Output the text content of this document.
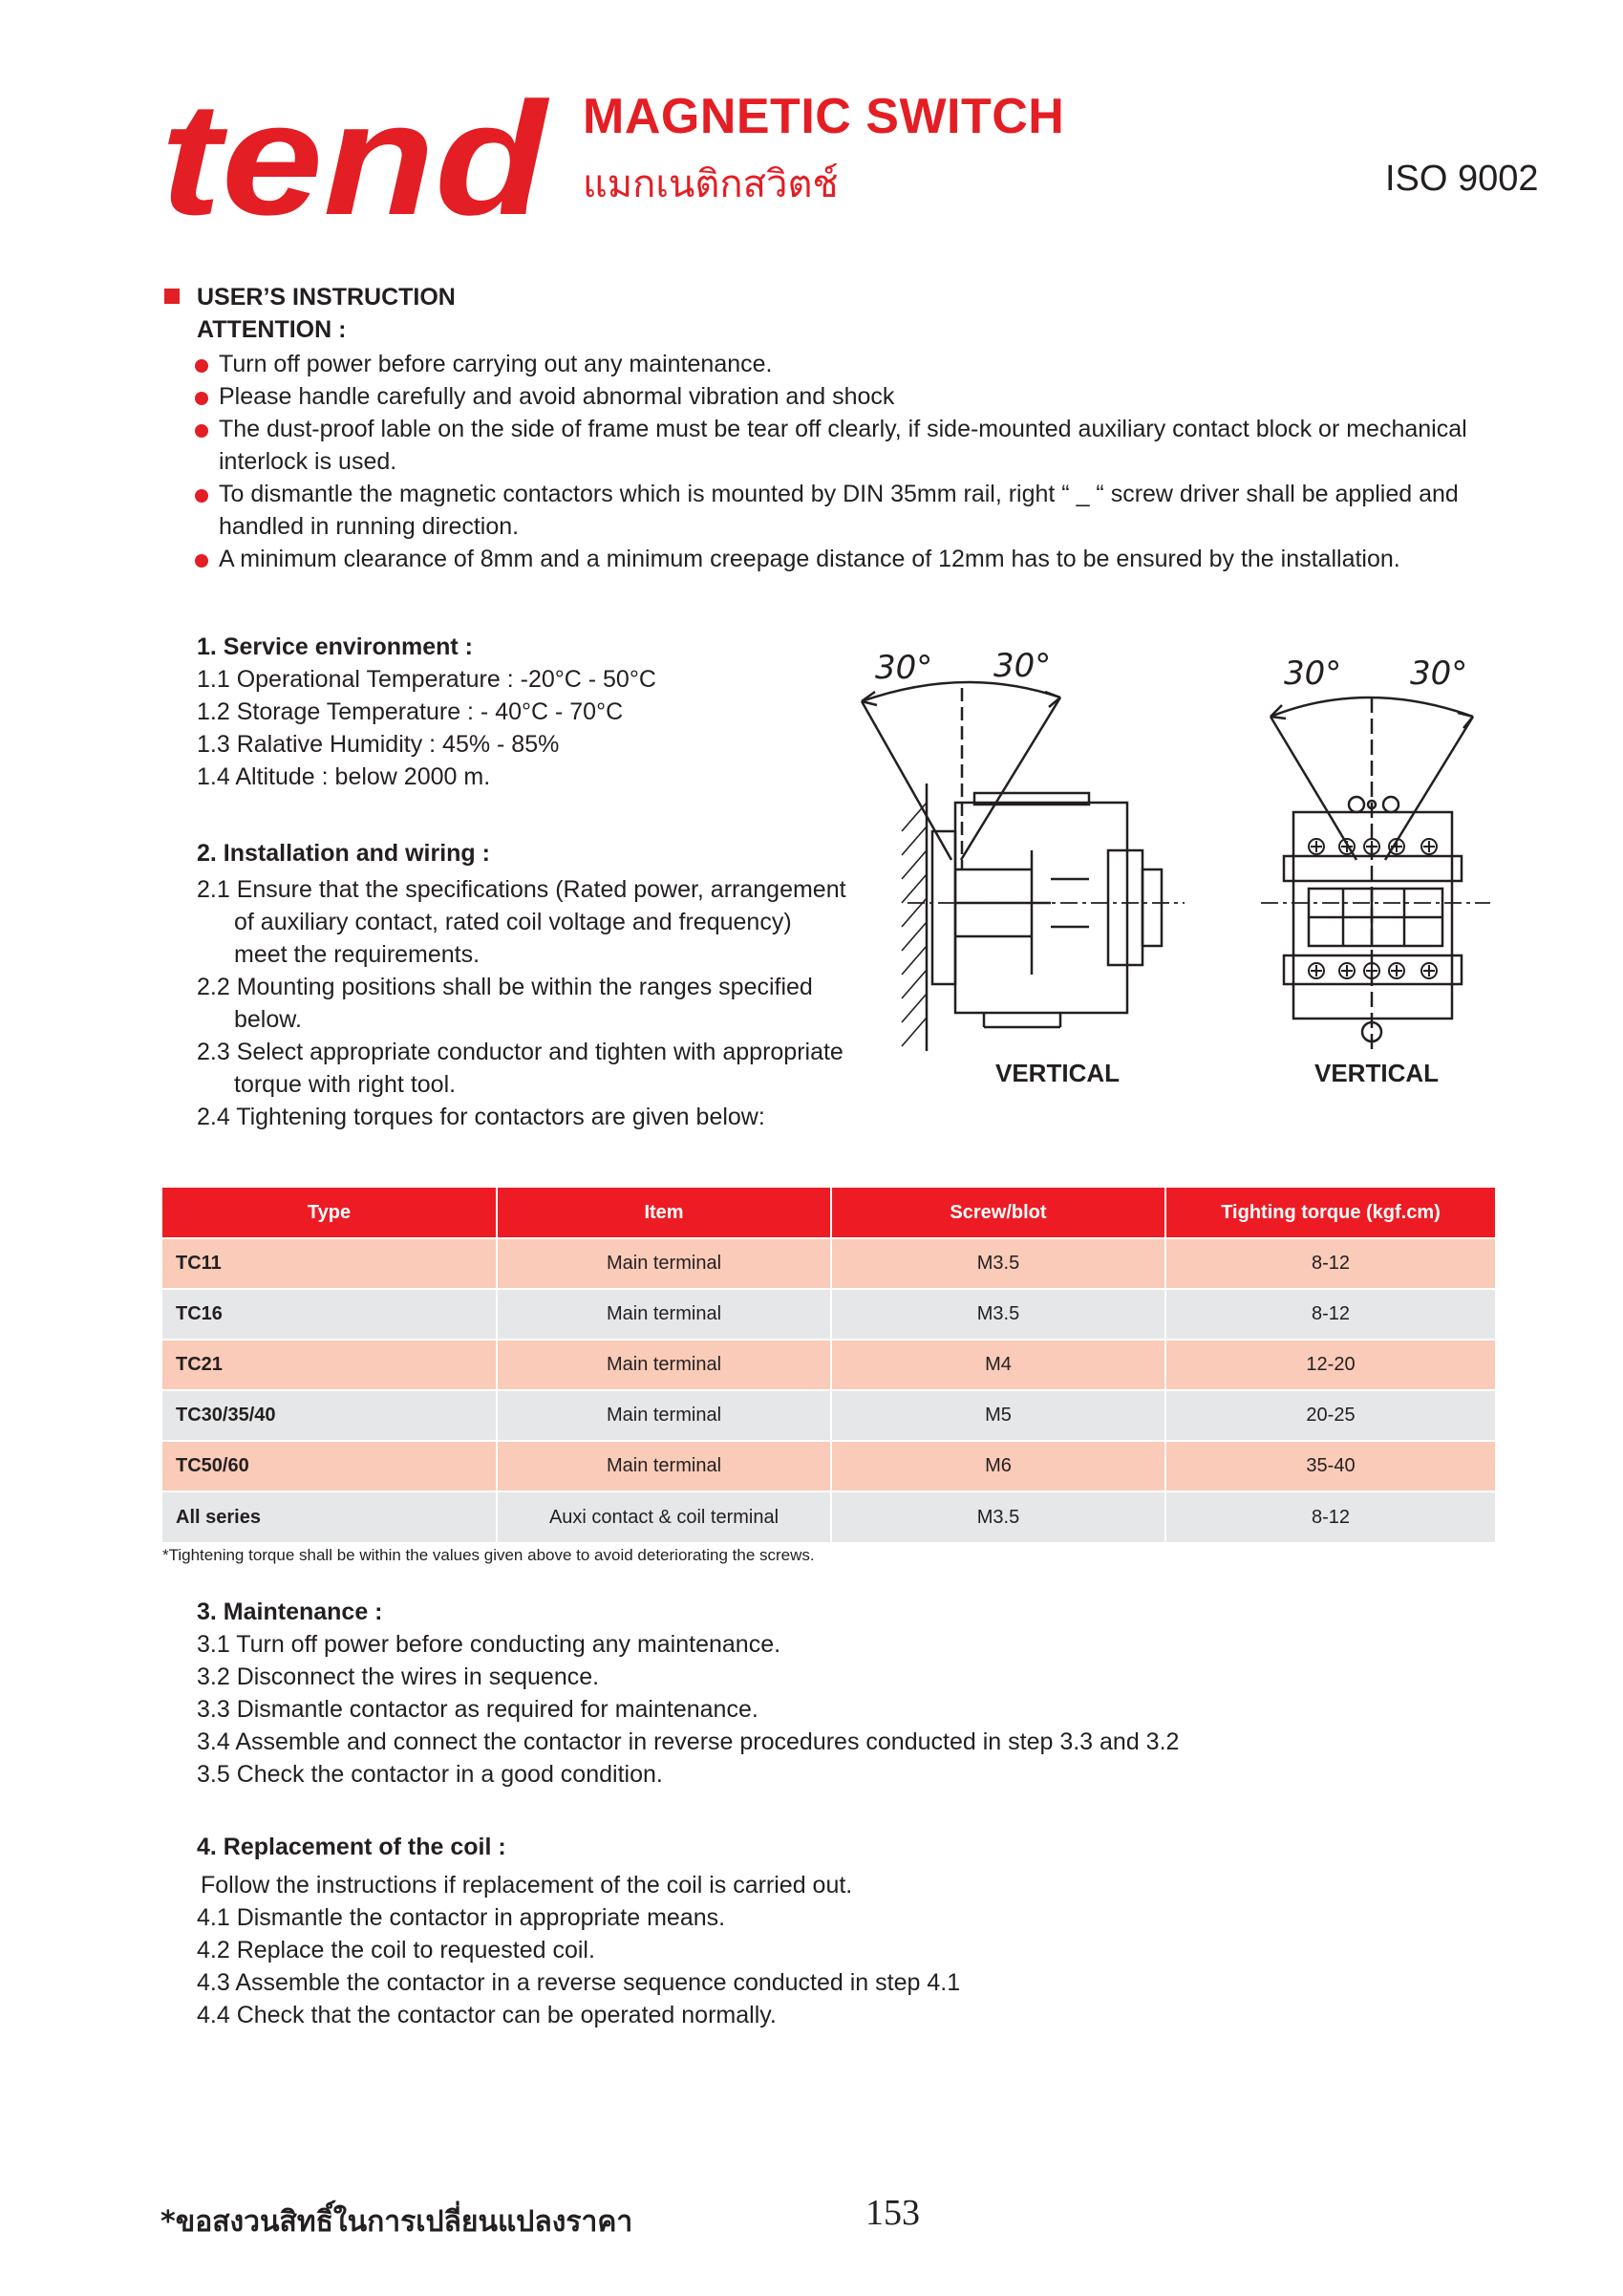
tend MAGNETIC SWITCH
แมกเนติกสวิตช์	ISO 9002
USER’S INSTRUCTION
ATTENTION :
Turn off power before carrying out any maintenance.
Please handle carefully and avoid abnormal vibration and shock
The dust-proof lable on the side of frame must be tear off clearly, if side-mounted auxiliary contact block or mechanical
interlock is used.
To dismantle the magnetic contactors which is mounted by DIN 35mm rail, right “ _ “ screw driver shall be applied and
handled in running direction.
A minimum clearance of 8mm and a minimum creepage distance of 12mm has to be ensured by the installation.
1. Service environment :
1.1 Operational Temperature : -20°C - 50°C
1.2 Storage Temperature : - 40°C - 70°C
1.3 Ralative Humidity : 45% - 85%
1.4 Altitude : below 2000 m.
2. Installation and wiring :
2.1 Ensure that the specifications (Rated power, arrangement
of auxiliary contact, rated coil voltage and frequency)
meet the requirements.
2.2 Mounting positions shall be within the ranges specified
below.
2.3 Select appropriate conductor and tighten with appropriate
torque with right tool.
2.4 Tightening torques for contactors are given below:
30° 30°
VERTICAL
30° 30°
VERTICAL
Type	Item	Screw/blot	Tighting torque (kgf.cm)
TC11	Main terminal	M3.5	8-12
TC16	Main terminal	M3.5	8-12
TC21	Main terminal	M4	12-20
TC30/35/40	Main terminal	M5	20-25
TC50/60	Main terminal	M6	35-40
All series	Auxi contact & coil terminal	M3.5	8-12
*Tightening torque shall be within the values given above to avoid deteriorating the screws.
3. Maintenance :
3.1 Turn off power before conducting any maintenance.
3.2 Disconnect the wires in sequence.
3.3 Dismantle contactor as required for maintenance.
3.4 Assemble and connect the contactor in reverse procedures conducted in step 3.3 and 3.2
3.5 Check the contactor in a good condition.
4. Replacement of the coil :
Follow the instructions if replacement of the coil is carried out.
4.1 Dismantle the contactor in appropriate means.
4.2 Replace the coil to requested coil.
4.3 Assemble the contactor in a reverse sequence conducted in step 4.1
4.4 Check that the contactor can be operated normally.
*ขอสงวนสิทธิ์ในการเปลี่ยนแปลงราคา	153
